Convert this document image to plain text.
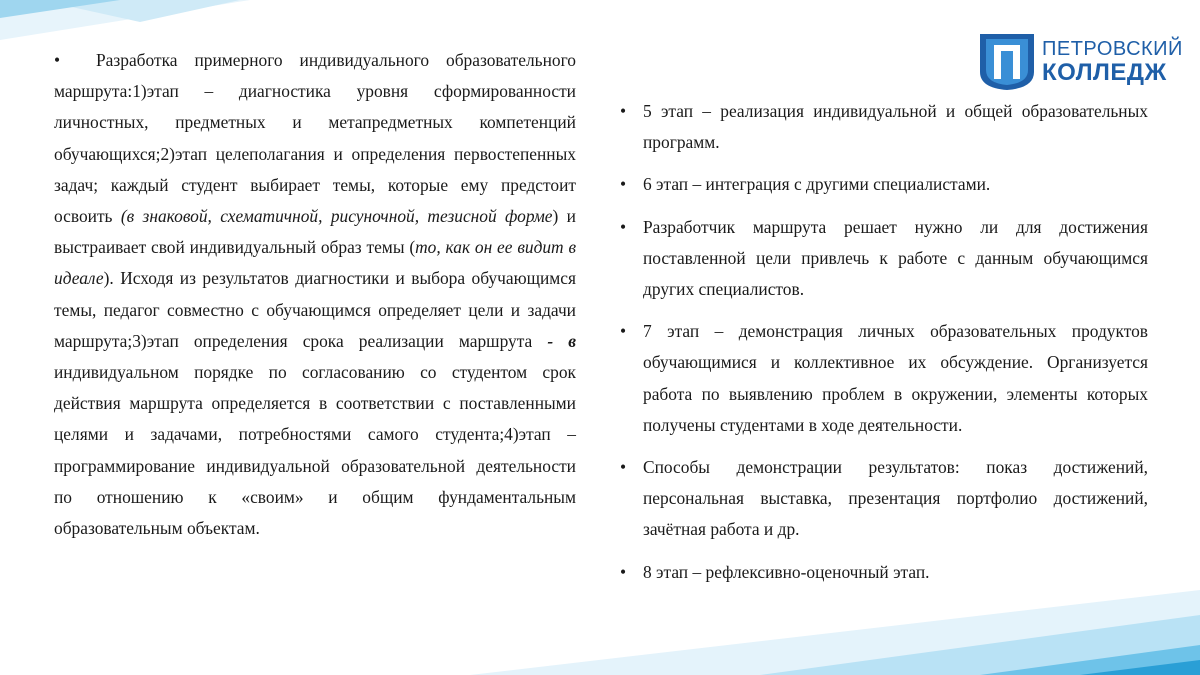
ПЕТРОВСКИЙ
КОЛЛЕДЖ
• Разработка примерного индивидуального образовательного маршрута:1)этап – диагностика уровня сформированности личностных, предметных и метапредметных компетенций обучающихся;2)этап целеполагания и определения первостепенных задач; каждый студент выбирает темы, которые ему предстоит освоить (в знаковой, схематичной, рисуночной, тезисной форме) и выстраивает свой индивидуальный образ темы (то, как он ее видит в идеале). Исходя из результатов диагностики и выбора обучающимся темы, педагог совместно с обучающимся определяет цели и задачи маршрута;3)этап определения срока реализации маршрута - в индивидуальном порядке по согласованию со студентом срок действия маршрута определяется в соответствии с поставленными целями и задачами, потребностями самого студента;4)этап – программирование индивидуальной образовательной деятельности по отношению к «своим» и общим фундаментальным образовательным объектам.
• 5 этап – реализация индивидуальной и общей образовательных программ.
• 6 этап – интеграция с другими специалистами.
• Разработчик маршрута решает нужно ли для достижения поставленной цели привлечь к работе с данным обучающимся других специалистов.
• 7 этап – демонстрация личных образовательных продуктов обучающимися и коллективное их обсуждение. Организуется работа по выявлению проблем в окружении, элементы которых получены студентами в ходе деятельности.
• Способы демонстрации результатов: показ достижений, персональная выставка, презентация портфолио достижений, зачётная работа и др.
• 8 этап – рефлексивно-оценочный этап.
